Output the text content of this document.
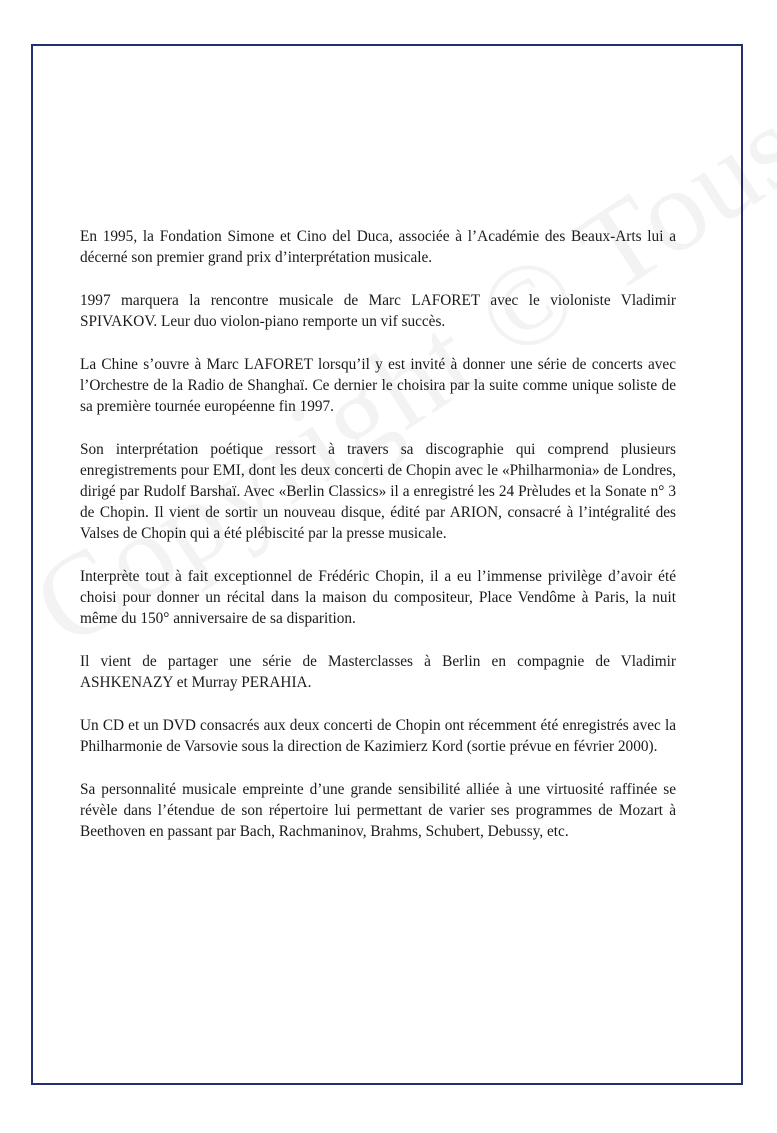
En 1995, la Fondation Simone et Cino del Duca, associée à l’Académie des Beaux-Arts lui a décerné son premier grand prix d’interprétation musicale.

1997 marquera la rencontre musicale de Marc LAFORET avec le violoniste Vladimir SPIVAKOV. Leur duo violon-piano remporte un vif succès.

La Chine s’ouvre à Marc LAFORET lorsqu’il y est invité à donner une série de concerts avec l’Orchestre de la Radio de Shanghaï. Ce dernier le choisira par la suite comme unique soliste de sa première tournée européenne fin 1997.

Son interprétation poétique ressort à travers sa discographie qui comprend plusieurs enregistrements pour EMI, dont les deux concerti de Chopin avec le «Philharmonia» de Londres, dirigé par Rudolf Barshaï. Avec «Berlin Classics» il a enregistré les 24 Prèludes et la Sonate n° 3 de Chopin. Il vient de sortir un nouveau disque, édité par ARION, consacré à l’intégralité des Valses de Chopin qui a été plébiscité par la presse musicale.

Interprète tout à fait exceptionnel de Frédéric Chopin, il a eu l’immense privilège d’avoir été choisi pour donner un récital dans la maison du compositeur, Place Vendôme à Paris, la nuit même du 150° anniversaire de sa disparition.

Il vient de partager une série de Masterclasses à Berlin en compagnie de Vladimir ASHKENAZY et Murray PERAHIA.

Un CD et un DVD consacrés aux deux concerti de Chopin ont récemment été enregistrés avec la Philharmonie de Varsovie sous la direction de Kazimierz Kord (sortie prévue en février 2000).

Sa personnalité musicale empreinte d’une grande sensibilité alliée à une virtuosité raffinée se révèle dans l’étendue de son répertoire lui permettant de varier ses programmes de Mozart à Beethoven en passant par Bach, Rachmaninov, Brahms, Schubert, Debussy, etc.
